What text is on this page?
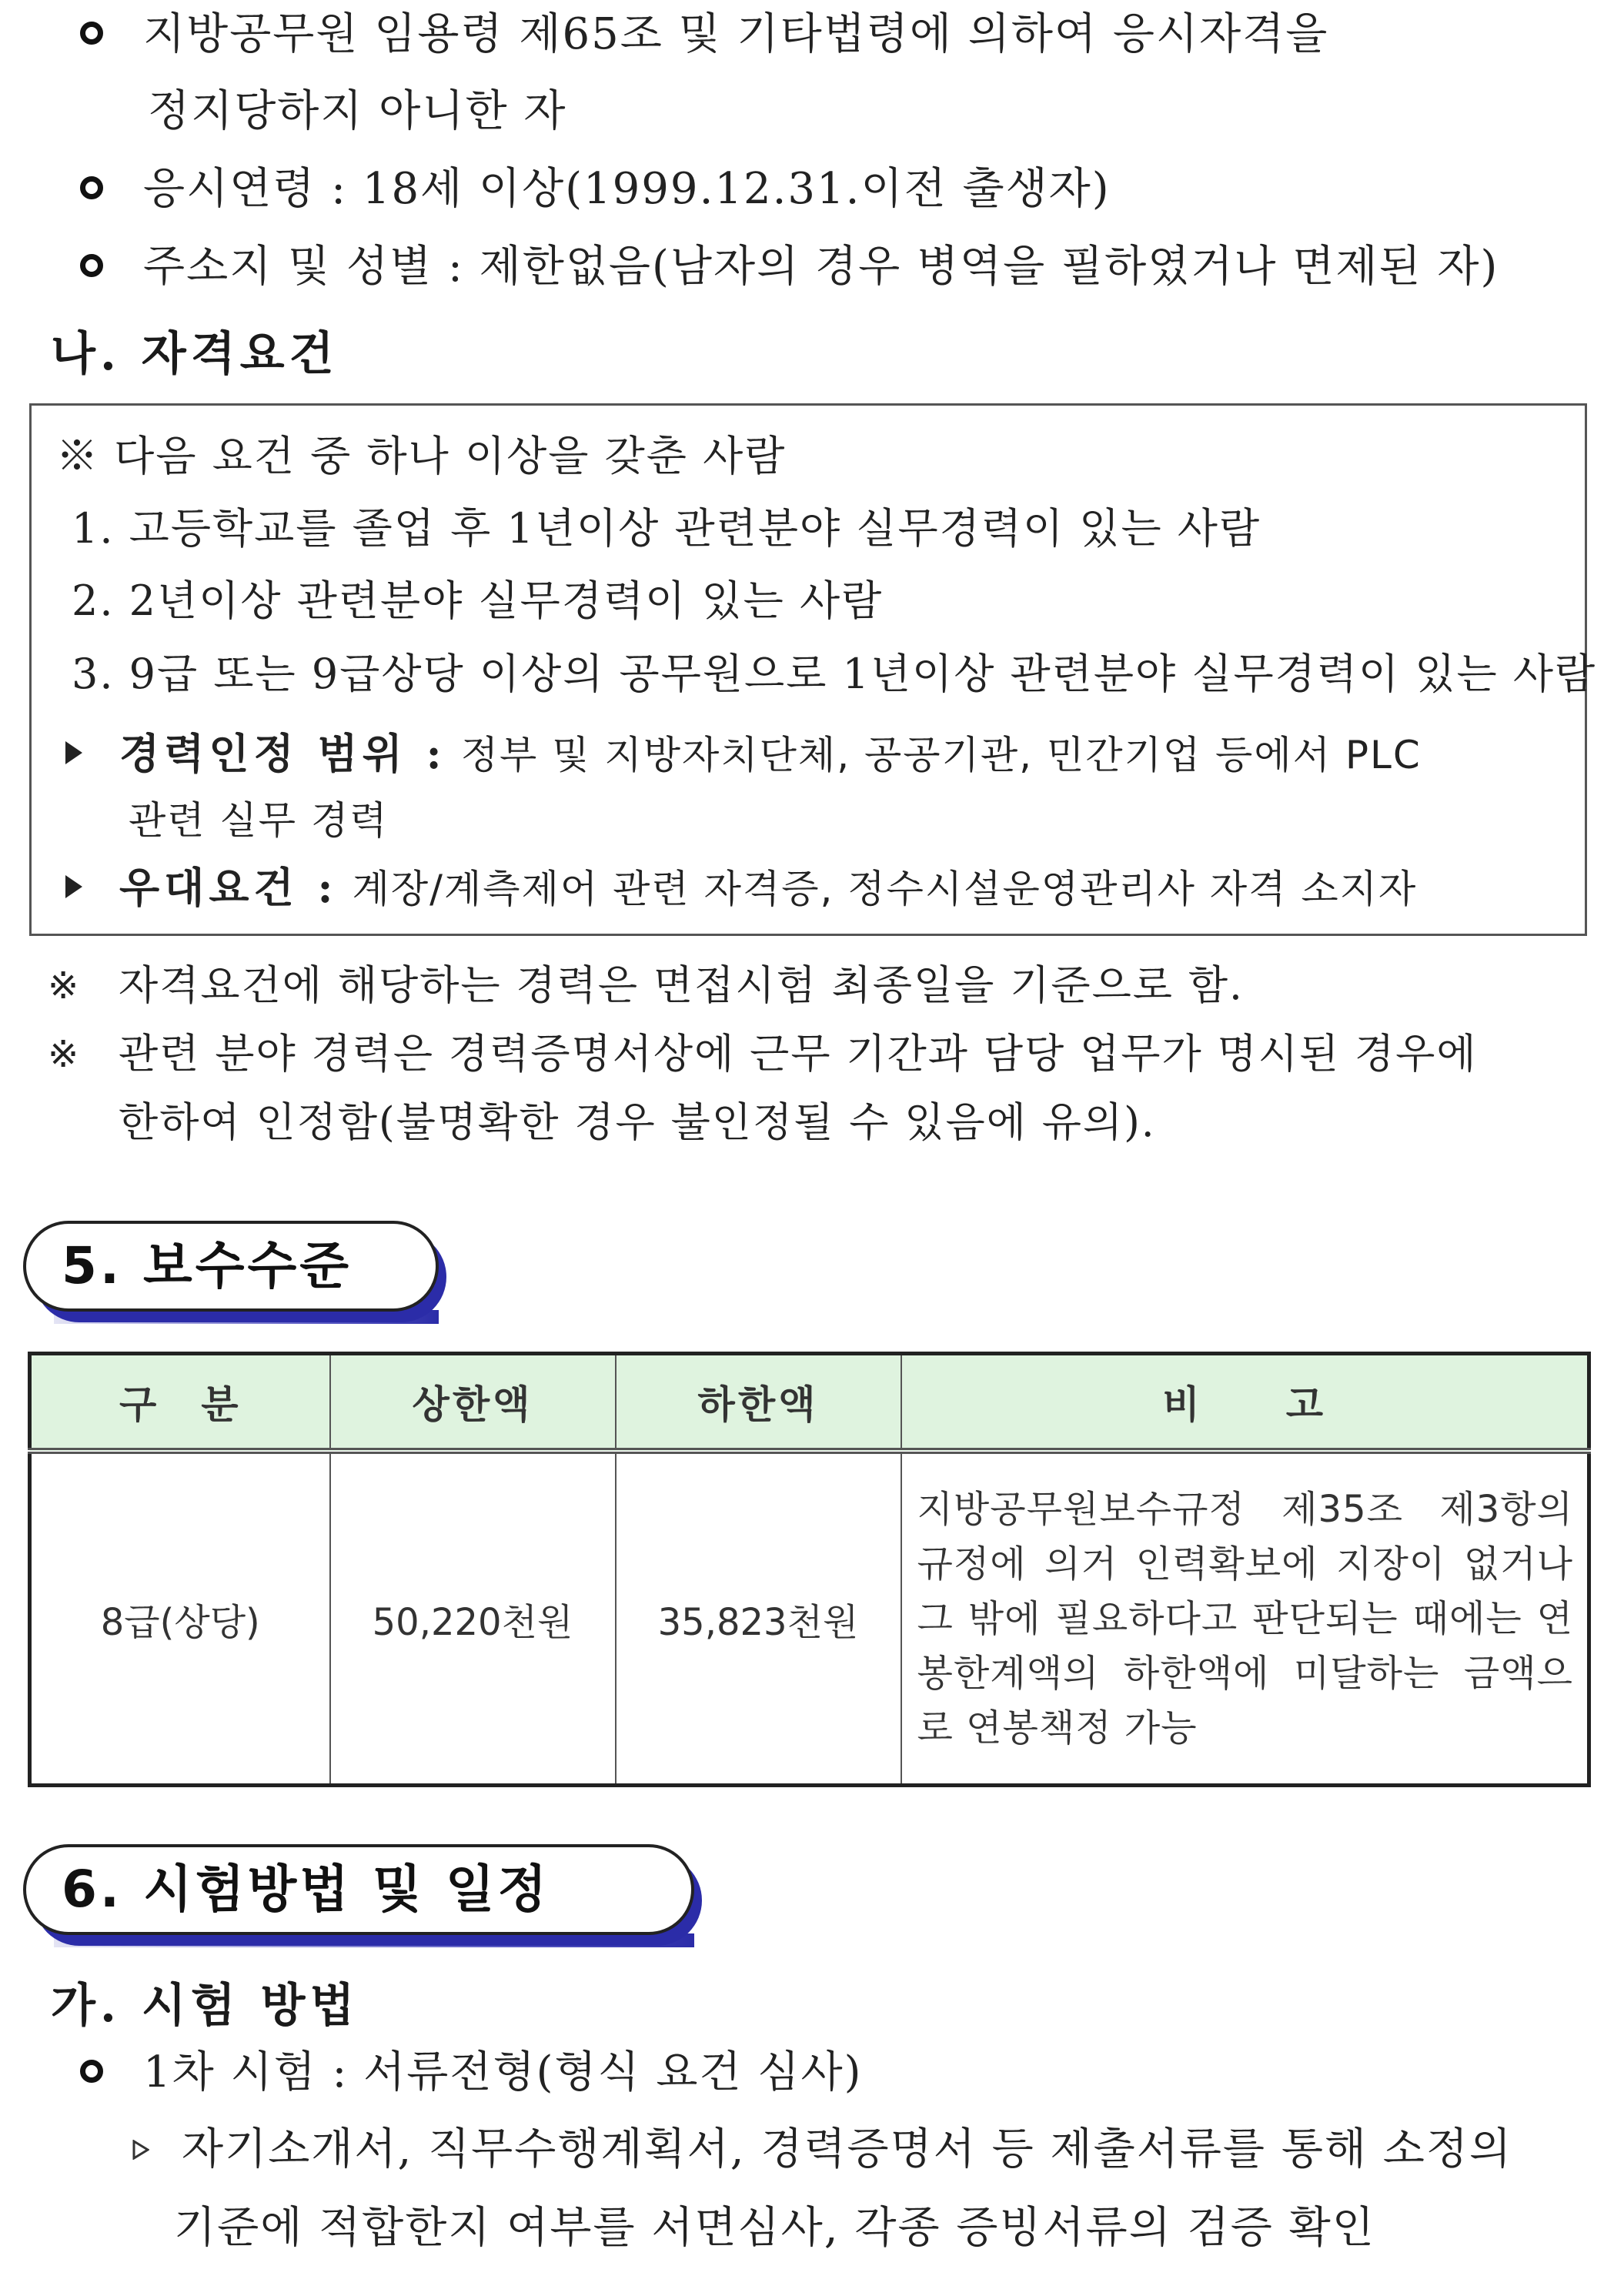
지방공무원 임용령 제65조 및 기타법령에 의하여 응시자격을
정지당하지 아니한 자
응시연령 : 18세 이상(1999.12.31.이전 출생자)
주소지 및 성별 : 제한없음(남자의 경우 병역을 필하였거나 면제된 자)
나. 자격요건
※ 다음 요건 중 하나 이상을 갖춘 사람
1. 고등학교를 졸업 후 1년이상 관련분야 실무경력이 있는 사람
2. 2년이상 관련분야 실무경력이 있는 사람
3. 9급 또는 9급상당 이상의 공무원으로 1년이상 관련분야 실무경력이 있는 사람
경력인정 범위 : 정부 및 지방자치단체, 공공기관, 민간기업 등에서 PLC
관련 실무 경력
우대요건 : 계장/계측제어 관련 자격증, 정수시설운영관리사 자격 소지자
※ 자격요건에 해당하는 경력은 면접시험 최종일을 기준으로 함.
※ 관련 분야 경력은 경력증명서상에 근무 기간과 담당 업무가 명시된 경우에
한하여 인정함(불명확한 경우 불인정될 수 있음에 유의).
5. 보수수준
구　분	상한액	하한액	비　　고
8급(상당)	50,220천원	35,823천원	지방공무원보수규정 제35조 제3항의 규정에 의거 인력확보에 지장이 없거나 그 밖에 필요하다고 판단되는 때에는 연봉한계액의 하한액에 미달하는 금액으로 연봉책정 가능
6. 시험방법 및 일정
가. 시험 방법
1차 시험 : 서류전형(형식 요건 심사)
자기소개서, 직무수행계획서, 경력증명서 등 제출서류를 통해 소정의
기준에 적합한지 여부를 서면심사, 각종 증빙서류의 검증 확인
